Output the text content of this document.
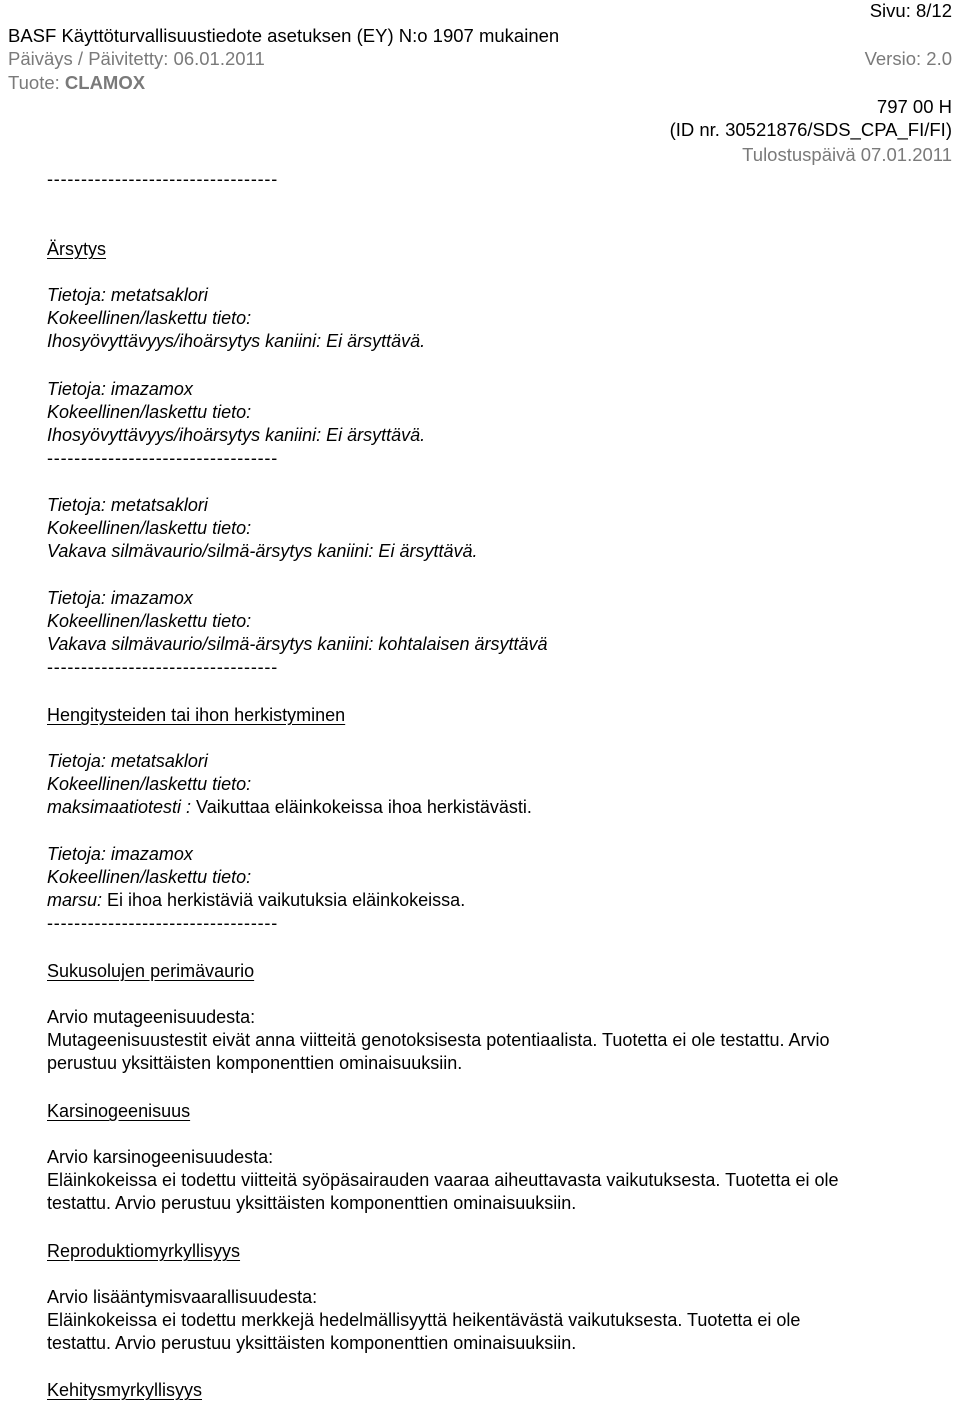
Sivu: 8/12
BASF Käyttöturvallisuustiedote asetuksen (EY) N:o 1907 mukainen
Päiväys / Päivitetty: 06.01.2011	Versio: 2.0
Tuote: CLAMOX
797 00 H
(ID nr. 30521876/SDS_CPA_FI/FI)
Tulostuspäivä 07.01.2011
----------------------------------
Ärsytys
Tietoja: metatsaklori
Kokeellinen/laskettu tieto:
Ihosyövyttävyys/ihoärsytys kaniini: Ei ärsyttävä.
Tietoja: imazamox
Kokeellinen/laskettu tieto:
Ihosyövyttävyys/ihoärsytys kaniini: Ei ärsyttävä.
----------------------------------
Tietoja: metatsaklori
Kokeellinen/laskettu tieto:
Vakava silmävaurio/silmä-ärsytys kaniini: Ei ärsyttävä.
Tietoja: imazamox
Kokeellinen/laskettu tieto:
Vakava silmävaurio/silmä-ärsytys kaniini: kohtalaisen ärsyttävä
----------------------------------
Hengitysteiden tai ihon herkistyminen
Tietoja: metatsaklori
Kokeellinen/laskettu tieto:
maksimaatiotesti : Vaikuttaa eläinkokeissa ihoa herkistävästi.
Tietoja: imazamox
Kokeellinen/laskettu tieto:
marsu: Ei ihoa herkistäviä vaikutuksia eläinkokeissa.
----------------------------------
Sukusolujen perimävaurio
Arvio mutageenisuudesta:
Mutageenisuustestit eivät anna viitteitä genotoksisesta potentiaalista. Tuotetta ei ole testattu. Arvio
perustuu yksittäisten komponenttien ominaisuuksiin.
Karsinogeenisuus
Arvio karsinogeenisuudesta:
Eläinkokeissa ei todettu viitteitä syöpäsairauden vaaraa aiheuttavasta vaikutuksesta. Tuotetta ei ole
testattu. Arvio perustuu yksittäisten komponenttien ominaisuuksiin.
Reproduktiomyrkyllisyys
Arvio lisääntymisvaarallisuudesta:
Eläinkokeissa ei todettu merkkejä hedelmällisyyttä heikentävästä vaikutuksesta. Tuotetta ei ole
testattu. Arvio perustuu yksittäisten komponenttien ominaisuuksiin.
Kehitysmyrkyllisyys
